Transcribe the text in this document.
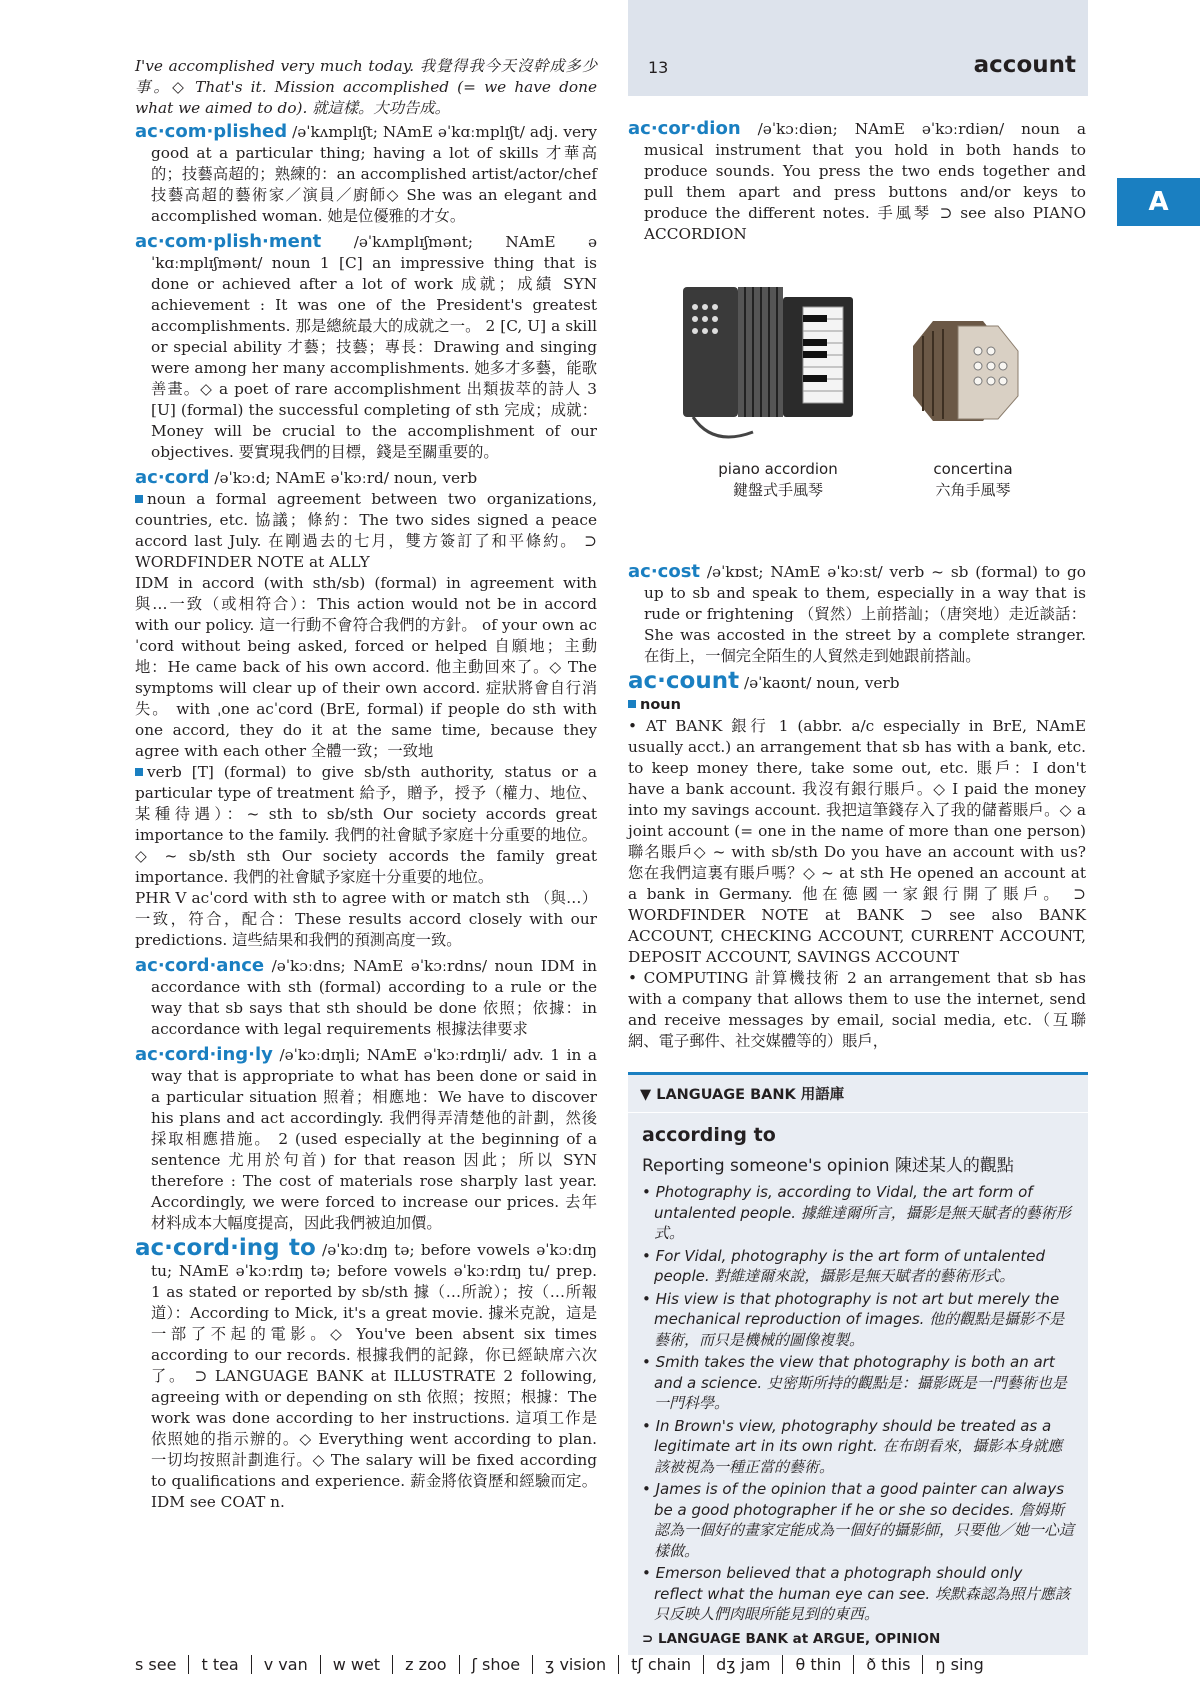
13	account
A

I've accomplished very much today. 我覺得我今天沒幹成多少事。◇ That's it. Mission accomplished (= we have done what we aimed to do). 就這樣。大功告成。

ac·com·plished /əˈkʌmplɪʃt; NAmE əˈkɑːmplɪʃt/ adj. very good at a particular thing; having a lot of skills 才華高的；技藝高超的；熟練的：an accomplished artist/actor/chef 技藝高超的藝術家／演員／廚師◇ She was an elegant and accomplished woman. 她是位優雅的才女。

ac·com·plish·ment /əˈkʌmplɪʃmənt; NAmE əˈkɑːmplɪʃmənt/ noun 1 [C] an impressive thing that is done or achieved after a lot of work 成就；成績 SYN achievement : It was one of the President's greatest accomplishments. 那是總統最大的成就之一。 2 [C, U] a skill or special ability 才藝；技藝；專長：Drawing and singing were among her many accomplishments. 她多才多藝，能歌善畫。◇ a poet of rare accomplishment 出類拔萃的詩人 3 [U] (formal) the successful completing of sth 完成；成就：Money will be crucial to the accomplishment of our objectives. 要實現我們的目標，錢是至關重要的。

ac·cord /əˈkɔːd; NAmE əˈkɔːrd/ noun, verb

noun a formal agreement between two organizations, countries, etc. 協議；條約：The two sides signed a peace accord last July. 在剛過去的七月，雙方簽訂了和平條約。 ⊃ WORDFINDER NOTE at ALLY

IDM in accord (with sth/sb) (formal) in agreement with 與…一致（或相符合）：This action would not be in accord with our policy. 這一行動不會符合我們的方針。 of your own acˈcord without being asked, forced or helped 自願地；主動地：He came back of his own accord. 他主動回來了。◇ The symptoms will clear up of their own accord. 症狀將會自行消失。 with ˌone acˈcord (BrE, formal) if people do sth with one accord, they do it at the same time, because they agree with each other 全體一致；一致地

verb [T] (formal) to give sb/sth authority, status or a particular type of treatment 給予，贈予，授予（權力、地位、某種待遇）：~ sth to sb/sth Our society accords great importance to the family. 我們的社會賦予家庭十分重要的地位。◇ ~ sb/sth sth Our society accords the family great importance. 我們的社會賦予家庭十分重要的地位。

PHR V acˈcord with sth to agree with or match sth （與…）一致，符合，配合：These results accord closely with our predictions. 這些結果和我們的預測高度一致。

ac·cord·ance /əˈkɔːdns; NAmE əˈkɔːrdns/ noun IDM in accordance with sth (formal) according to a rule or the way that sb says that sth should be done 依照；依據：in accordance with legal requirements 根據法律要求

ac·cord·ing·ly /əˈkɔːdɪŋli; NAmE əˈkɔːrdɪŋli/ adv. 1 in a way that is appropriate to what has been done or said in a particular situation 照着；相應地：We have to discover his plans and act accordingly. 我們得弄清楚他的計劃，然後採取相應措施。 2 (used especially at the beginning of a sentence 尤用於句首) for that reason 因此；所以 SYN therefore : The cost of materials rose sharply last year. Accordingly, we were forced to increase our prices. 去年材料成本大幅度提高，因此我們被迫加價。

ac·cord·ing to /əˈkɔːdɪŋ tə; before vowels əˈkɔːdɪŋ tu; NAmE əˈkɔːrdɪŋ tə; before vowels əˈkɔːrdɪŋ tu/ prep. 1 as stated or reported by sb/sth 據（…所說）；按（…所報道）：According to Mick, it's a great movie. 據米克說，這是一部了不起的電影。◇ You've been absent six times according to our records. 根據我們的記錄，你已經缺席六次了。 ⊃ LANGUAGE BANK at ILLUSTRATE 2 following, agreeing with or depending on sth 依照；按照；根據：The work was done according to her instructions. 這項工作是依照她的指示辦的。◇ Everything went according to plan. 一切均按照計劃進行。◇ The salary will be fixed according to qualifications and experience. 薪金將依資歷和經驗而定。 IDM see COAT n.

ac·cor·dion /əˈkɔːdiən; NAmE əˈkɔːrdiən/ noun a musical instrument that you hold in both hands to produce sounds. You press the two ends together and pull them apart and press buttons and/or keys to produce the different notes. 手風琴 ⊃ see also PIANO ACCORDION

piano accordion
鍵盤式手風琴
concertina
六角手風琴

ac·cost /əˈkɒst; NAmE əˈkɔːst/ verb ~ sb (formal) to go up to sb and speak to them, especially in a way that is rude or frightening （貿然）上前搭訕；（唐突地）走近談話：She was accosted in the street by a complete stranger. 在街上，一個完全陌生的人貿然走到她跟前搭訕。

ac·count /əˈkaʊnt/ noun, verb

noun

• AT BANK 銀行 1 (abbr. a/c especially in BrE, NAmE usually acct.) an arrangement that sb has with a bank, etc. to keep money there, take some out, etc. 賬戶：I don't have a bank account. 我沒有銀行賬戶。◇ I paid the money into my savings account. 我把這筆錢存入了我的儲蓄賬戶。◇ a joint account (= one in the name of more than one person) 聯名賬戶◇ ~ with sb/sth Do you have an account with us? 您在我們這裏有賬戶嗎？◇ ~ at sth He opened an account at a bank in Germany. 他在德國一家銀行開了賬戶。 ⊃ WORDFINDER NOTE at BANK ⊃ see also BANK ACCOUNT, CHECKING ACCOUNT, CURRENT ACCOUNT, DEPOSIT ACCOUNT, SAVINGS ACCOUNT

• COMPUTING 計算機技術 2 an arrangement that sb has with a company that allows them to use the internet, send and receive messages by email, social media, etc.（互聯網、電子郵件、社交媒體等的）賬戶，

▼ LANGUAGE BANK 用語庫
according to
Reporting someone's opinion 陳述某人的觀點
• Photography is, according to Vidal, the art form of untalented people. 據維達爾所言，攝影是無天賦者的藝術形式。
• For Vidal, photography is the art form of untalented people. 對維達爾來說，攝影是無天賦者的藝術形式。
• His view is that photography is not art but merely the mechanical reproduction of images. 他的觀點是攝影不是藝術，而只是機械的圖像複製。
• Smith takes the view that photography is both an art and a science. 史密斯所持的觀點是：攝影既是一門藝術也是一門科學。
• In Brown's view, photography should be treated as a legitimate art in its own right. 在布朗看來，攝影本身就應該被視為一種正當的藝術。
• James is of the opinion that a good painter can always be a good photographer if he or she so decides. 詹姆斯認為一個好的畫家定能成為一個好的攝影師，只要他／她一心這樣做。
• Emerson believed that a photograph should only reflect what the human eye can see. 埃默森認為照片應該只反映人們肉眼所能見到的東西。
⊃ LANGUAGE BANK at ARGUE, OPINION
s see	t tea	v van	w wet	z zoo	ʃ shoe	ʒ vision	tʃ chain	dʒ jam	θ thin	ð this	ŋ sing
